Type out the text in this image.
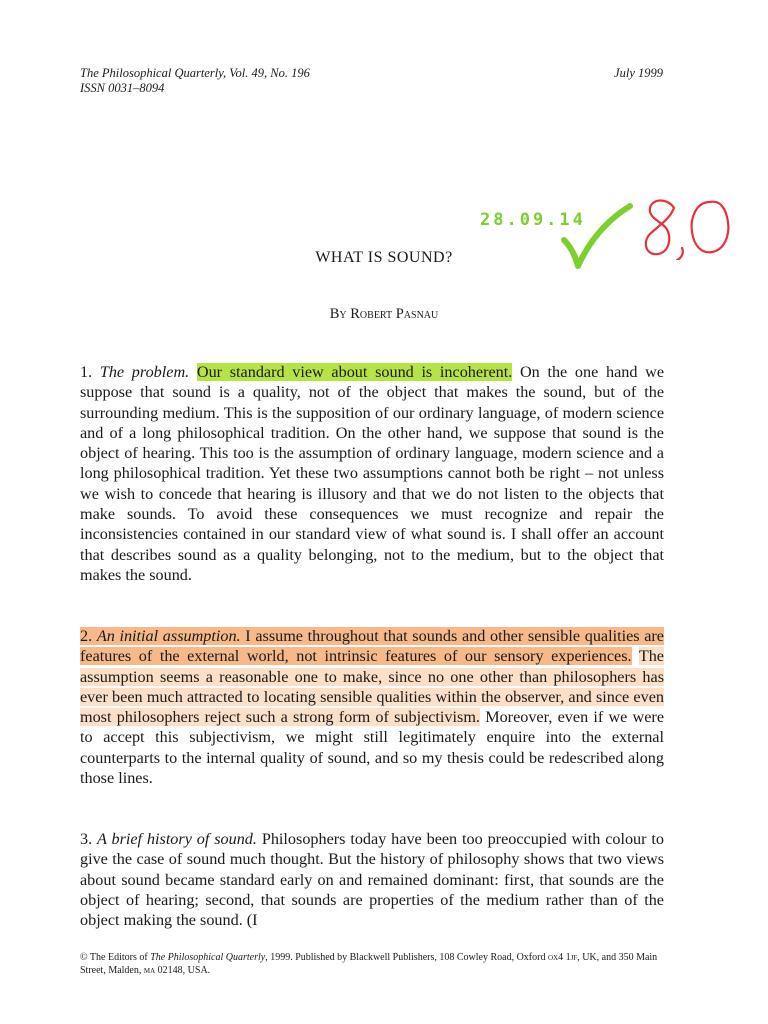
The Philosophical Quarterly, Vol. 49, No. 196
ISSN 0031–8094
July 1999
28.09.14
WHAT IS SOUND?
By Robert Pasnau
1. The problem. Our standard view about sound is incoherent. On the one hand we suppose that sound is a quality, not of the object that makes the sound, but of the surrounding medium. This is the supposition of our ordinary language, of modern science and of a long philosophical tradition. On the other hand, we suppose that sound is the object of hearing. This too is the assumption of ordinary language, modern science and a long philosophical tradition. Yet these two assumptions cannot both be right – not unless we wish to concede that hearing is illusory and that we do not listen to the objects that make sounds. To avoid these consequences we must recognize and repair the inconsistencies contained in our standard view of what sound is. I shall offer an account that describes sound as a quality belonging, not to the medium, but to the object that makes the sound.
2. An initial assumption. I assume throughout that sounds and other sensible qualities are features of the external world, not intrinsic features of our sensory experiences. The assumption seems a reasonable one to make, since no one other than philosophers has ever been much attracted to locating sensible qualities within the observer, and since even most philosophers reject such a strong form of subjectivism. Moreover, even if we were to accept this subjectivism, we might still legitimately enquire into the external counterparts to the internal quality of sound, and so my thesis could be redescribed along those lines.
3. A brief history of sound. Philosophers today have been too preoccupied with colour to give the case of sound much thought. But the history of philosophy shows that two views about sound became standard early on and remained dominant: first, that sounds are the object of hearing; second, that sounds are properties of the medium rather than of the object making the sound. (I
© The Editors of The Philosophical Quarterly, 1999. Published by Blackwell Publishers, 108 Cowley Road, Oxford ox4 1jf, UK, and 350 Main Street, Malden, ma 02148, USA.
